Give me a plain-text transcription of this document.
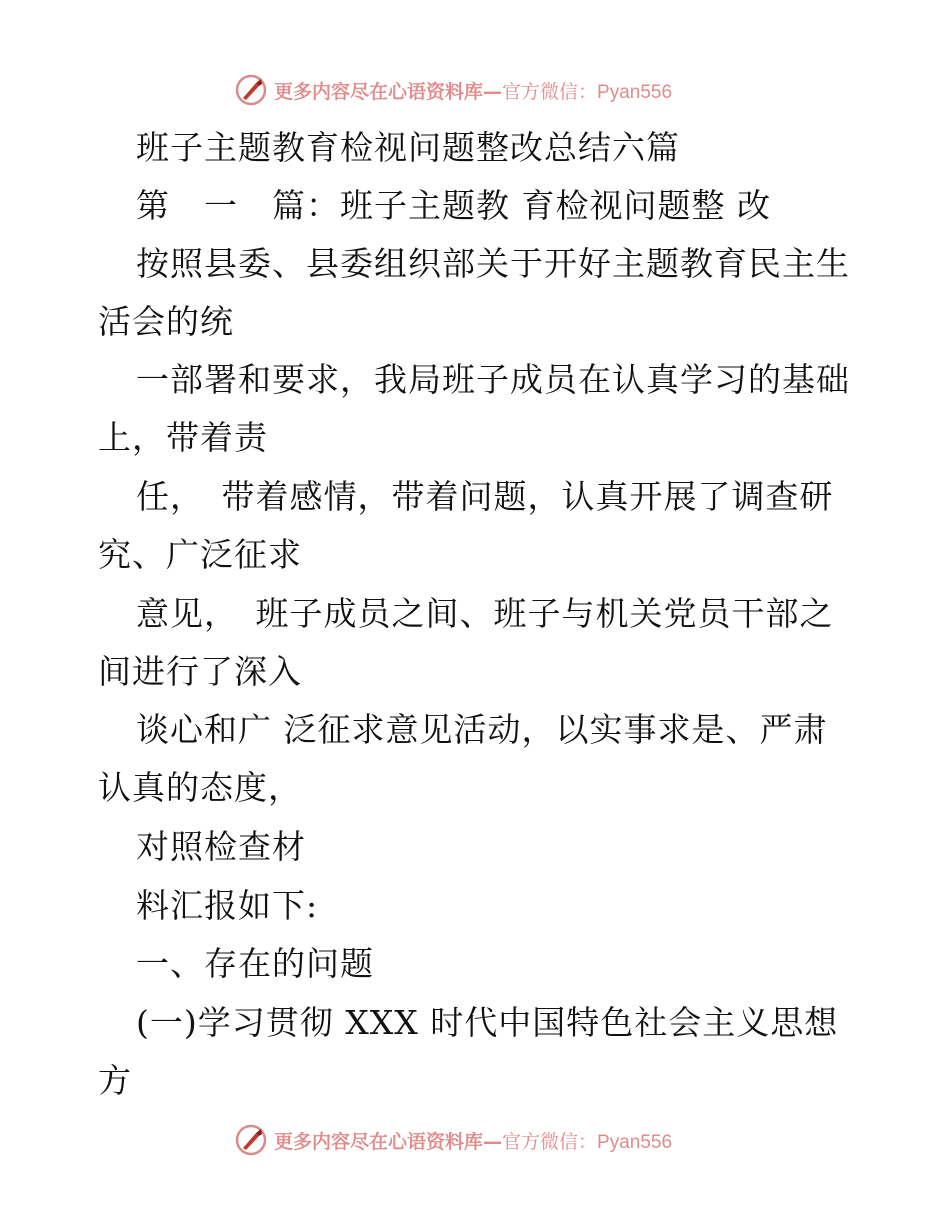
更多内容尽在心语资料库— 官方微信：Pyan556
班子主题教育检视问题整改总结六篇
第　一　篇：班子主题教 育检视问题整 改
按照县委、县委组织部关于开好主题教育民主生
活会的统
一部署和要求，我局班子成员在认真学习的基础
上，带着责
任，　带着感情，带着问题，认真开展了调查研
究、广泛征求
意见，　班子成员之间、班子与机关党员干部之
间进行了深入
谈心和广 泛征求意见活动，以实事求是、严肃
认真的态度，
对照检查材
料汇报如下:
一、存在的问题
(一)学习贯彻 XXX 时代中国特色社会主义思想
方
更多内容尽在心语资料库— 官方微信：Pyan556
